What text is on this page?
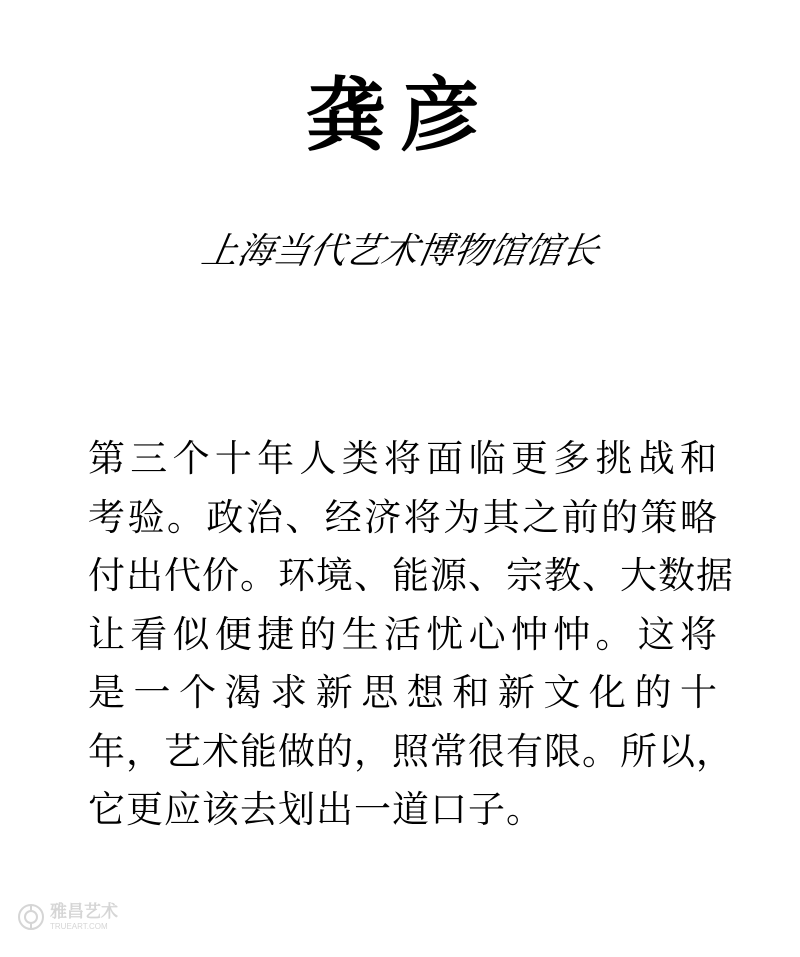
龚彦
上海当代艺术博物馆馆长
第三个十年人类将面临更多挑战和
考验。政治、经济将为其之前的策略
付出代价。环境、能源、宗教、大数据
让看似便捷的生活忧心忡忡。这将
是一个渴求新思想和新文化的十
年，艺术能做的，照常很有限。所以，
它更应该去划出一道口子。
雅昌艺术
TRUEART.COM
